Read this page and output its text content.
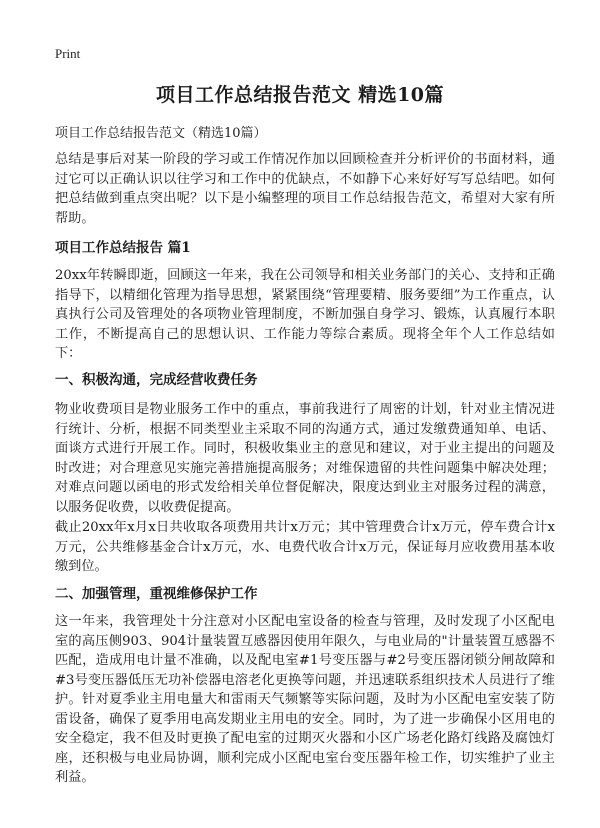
Print
项目工作总结报告范文 精选10篇
项目工作总结报告范文（精选10篇）

总结是事后对某一阶段的学习或工作情况作加以回顾检查并分析评价的书面材料，通过它可以正确认识以往学习和工作中的优缺点，不如静下心来好好写写总结吧。如何把总结做到重点突出呢？以下是小编整理的项目工作总结报告范文，希望对大家有所帮助。

项目工作总结报告 篇1

20xx年转瞬即逝，回顾这一年来，我在公司领导和相关业务部门的关心、支持和正确指导下，以精细化管理为指导思想，紧紧围绕“管理要精、服务要细”为工作重点，认真执行公司及管理处的各项物业管理制度，不断加强自身学习、锻炼，认真履行本职工作，不断提高自己的思想认识、工作能力等综合素质。现将全年个人工作总结如下：

一、积极沟通，完成经营收费任务

物业收费项目是物业服务工作中的重点，事前我进行了周密的计划，针对业主情况进行统计、分析，根据不同类型业主采取不同的沟通方式，通过发缴费通知单、电话、面谈方式进行开展工作。同时，积极收集业主的意见和建议，对于业主提出的问题及时改进；对合理意见实施完善措施提高服务；对维保遗留的共性问题集中解决处理；对难点问题以函电的形式发给相关单位督促解决，限度达到业主对服务过程的满意，以服务促收费，以收费促提高。

截止20xx年x月x日共收取各项费用共计x万元；其中管理费合计x万元，停车费合计x万元，公共维修基金合计x万元，水、电费代收合计x万元，保证每月应收费用基本收缴到位。

二、加强管理，重视维修保护工作

这一年来，我管理处十分注意对小区配电室设备的检查与管理，及时发现了小区配电室的高压侧903、904计量装置互感器因使用年限久，与电业局的"计量装置互感器不匹配，造成用电计量不准确，以及配电室#1号变压器与#2号变压器闭锁分闸故障和#3号变压器低压无功补偿器电溶老化更换等问题，并迅速联系组织技术人员进行了维护。针对夏季业主用电量大和雷雨天气频繁等实际问题，及时为小区配电室安装了防雷设备，确保了夏季用电高发期业主用电的安全。同时，为了进一步确保小区用电的安全稳定，我不但及时更换了配电室的过期灭火器和小区广场老化路灯线路及腐蚀灯座，还积极与电业局协调，顺利完成小区配电室台变压器年检工作，切实维护了业主利益。
